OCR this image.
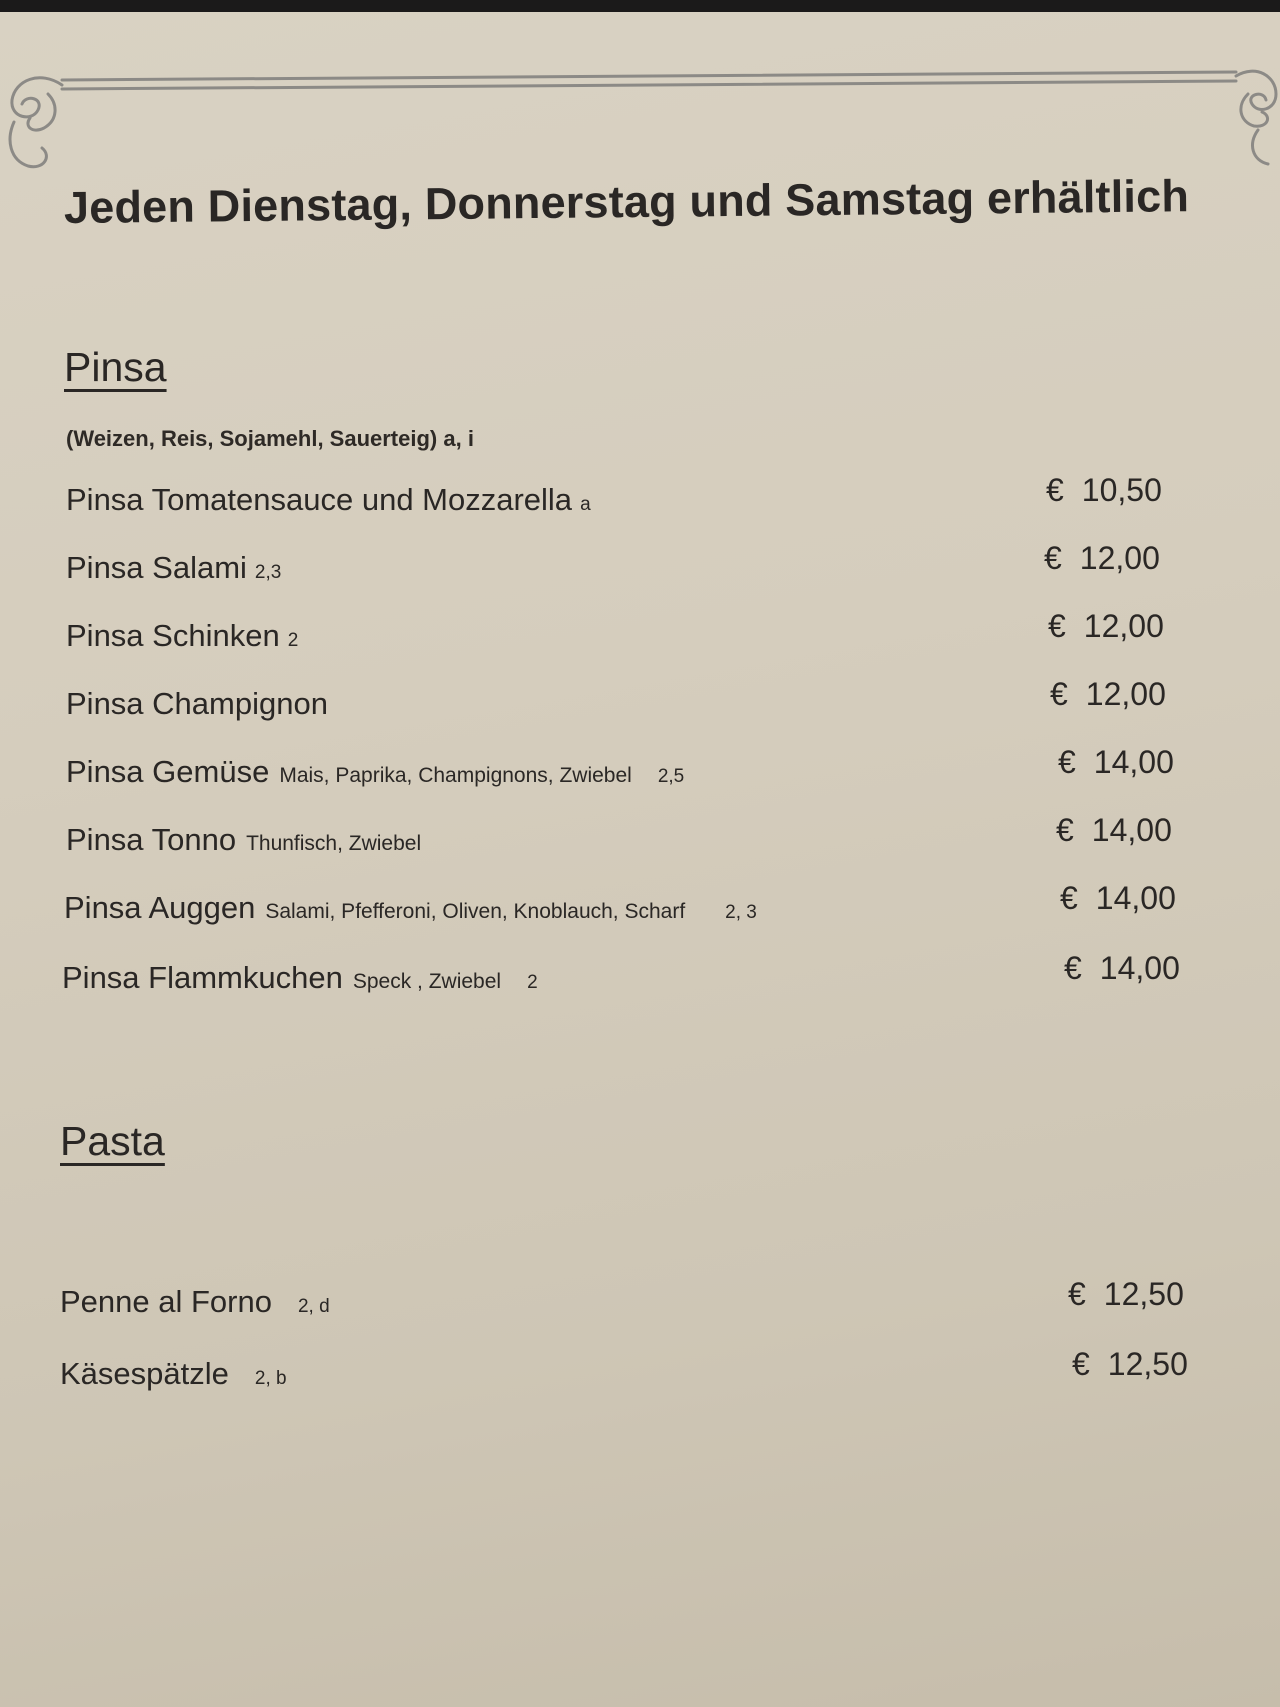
Jeden Dienstag, Donnerstag und Samstag erhältlich
Pinsa
(Weizen, Reis, Sojamehl, Sauerteig) a, i
Pinsa Tomatensauce und Mozzarella a	€ 10,50
Pinsa Salami 2,3	€ 12,00
Pinsa Schinken 2	€ 12,00
Pinsa Champignon	€ 12,00
Pinsa Gemüse Mais, Paprika, Champignons, Zwiebel 2,5	€ 14,00
Pinsa Tonno Thunfisch, Zwiebel	€ 14,00
Pinsa Auggen Salami, Pfefferoni, Oliven, Knoblauch, Scharf 2, 3	€ 14,00
Pinsa Flammkuchen Speck , Zwiebel 2	€ 14,00
Pasta
Penne al Forno 2, d	€ 12,50
Käsespätzle 2, b	€ 12,50
